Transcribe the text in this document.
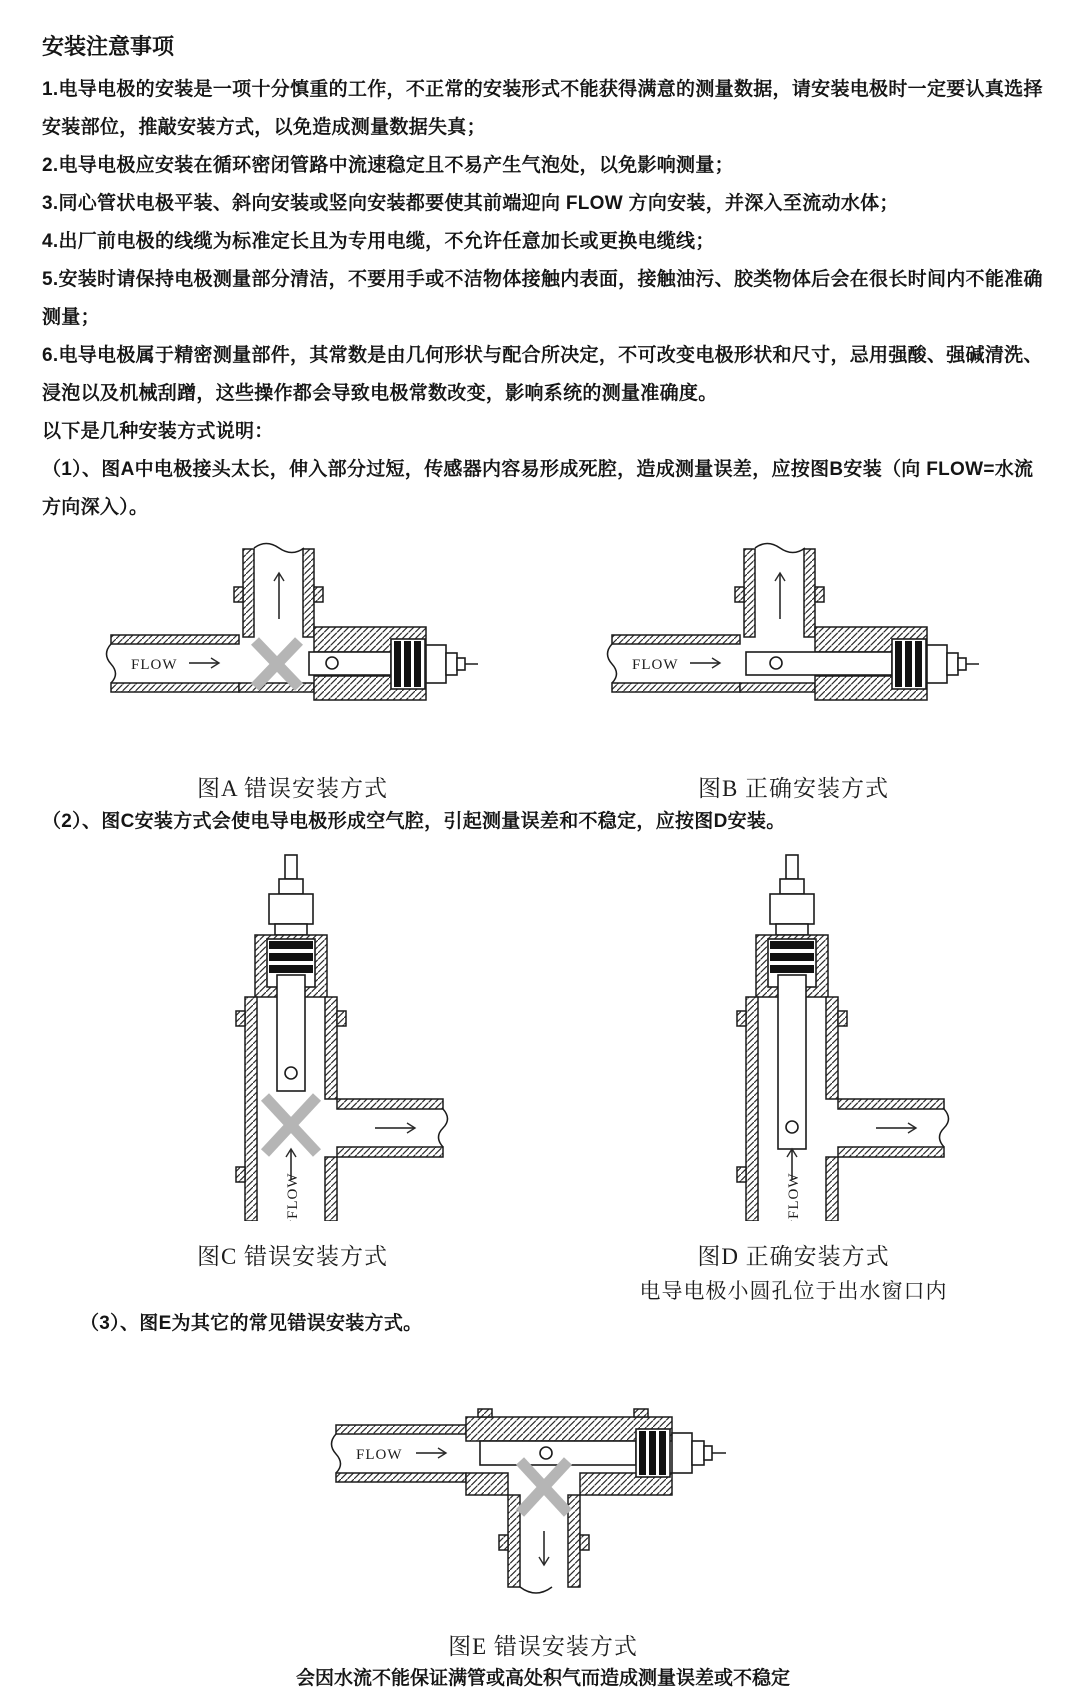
安装注意事项

1.电导电极的安装是一项十分慎重的工作，不正常的安装形式不能获得满意的测量数据，请安装电极时一定要认真选择安装部位，推敲安装方式，以免造成测量数据失真；

2.电导电极应安装在循环密闭管路中流速稳定且不易产生气泡处，以免影响测量；

3.同心管状电极平装、斜向安装或竖向安装都要使其前端迎向 FLOW 方向安装，并深入至流动水体；

4.出厂前电极的线缆为标准定长且为专用电缆，不允许任意加长或更换电缆线；

5.安装时请保持电极测量部分清洁，不要用手或不洁物体接触内表面，接触油污、胶类物体后会在很长时间内不能准确测量；

6.电导电极属于精密测量部件，其常数是由几何形状与配合所决定，不可改变电极形状和尺寸，忌用强酸、强碱清洗、浸泡以及机械刮蹭，这些操作都会导致电极常数改变，影响系统的测量准确度。

以下是几种安装方式说明：

（1）、图A中电极接头太长，伸入部分过短，传感器内容易形成死腔，造成测量误差，应按图B安装（向 FLOW=水流方向深入）。

FLOW
图A 错误安装方式
FLOW
图B 正确安装方式

（2）、图C安装方式会使电导电极形成空气腔，引起测量误差和不稳定，应按图D安装。

FLOW
图C 错误安装方式
FLOW
图D 正确安装方式
电导电极小圆孔位于出水窗口内

（3）、图E为其它的常见错误安装方式。

FLOW
图E 错误安装方式
会因水流不能保证满管或高处积气而造成测量误差或不稳定
